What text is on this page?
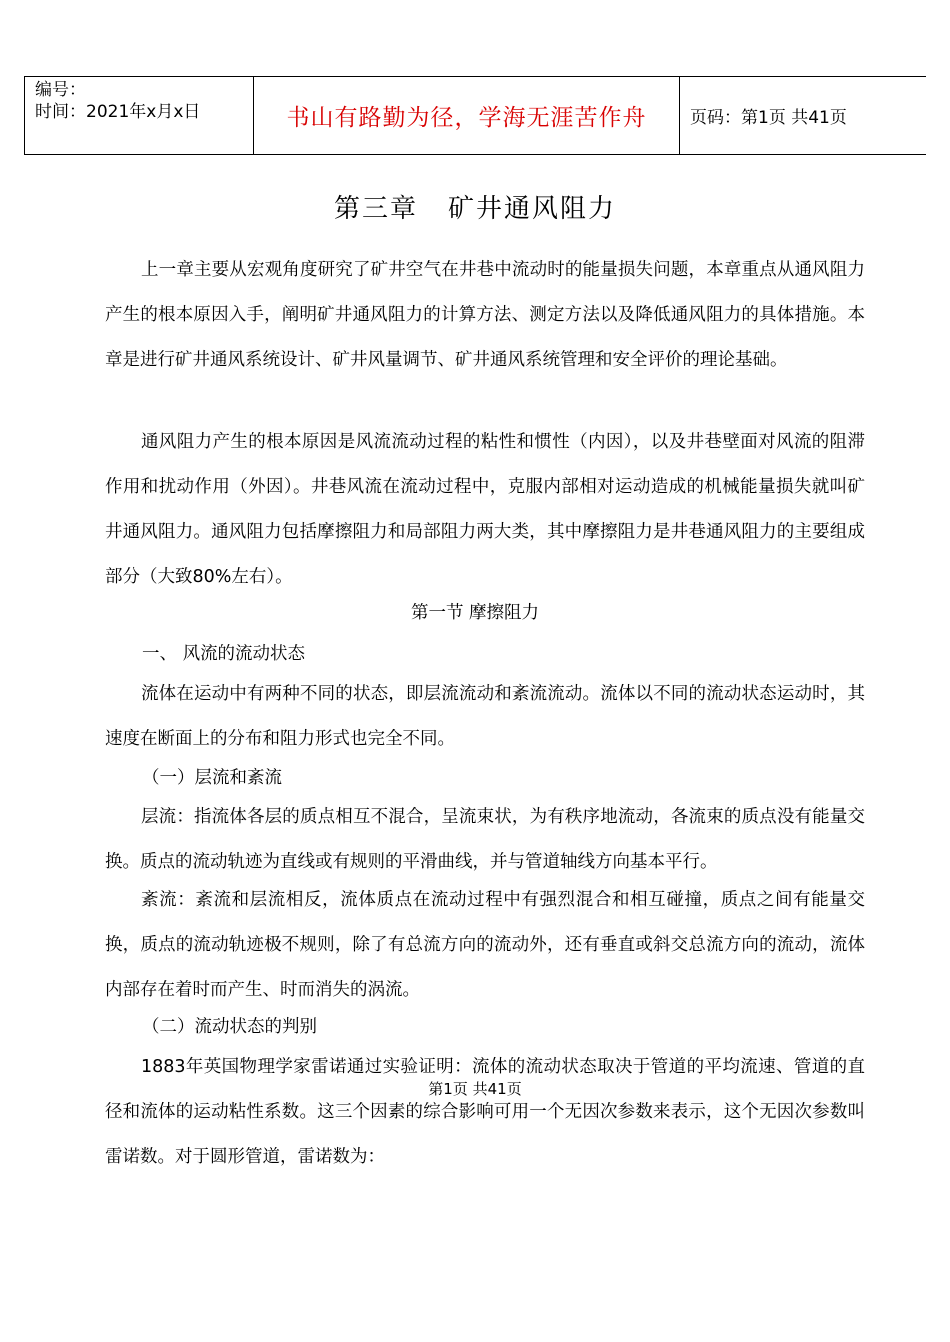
编号：
时间：2021年x月x日	书山有路勤为径，学海无涯苦作舟	页码：第1页 共41页
第三章 矿井通风阻力

上一章主要从宏观角度研究了矿井空气在井巷中流动时的能量损失问题，本章重点从通风阻力产生的根本原因入手，阐明矿井通风阻力的计算方法、测定方法以及降低通风阻力的具体措施。本章是进行矿井通风系统设计、矿井风量调节、矿井通风系统管理和安全评价的理论基础。

通风阻力产生的根本原因是风流流动过程的粘性和惯性（内因），以及井巷壁面对风流的阻滞作用和扰动作用（外因）。井巷风流在流动过程中，克服内部相对运动造成的机械能量损失就叫矿井通风阻力。通风阻力包括摩擦阻力和局部阻力两大类，其中摩擦阻力是井巷通风阻力的主要组成部分（大致80%左右）。

第一节 摩擦阻力
一、 风流的流动状态

流体在运动中有两种不同的状态，即层流流动和紊流流动。流体以不同的流动状态运动时，其速度在断面上的分布和阻力形式也完全不同。

（一）层流和紊流

层流：指流体各层的质点相互不混合，呈流束状，为有秩序地流动，各流束的质点没有能量交换。质点的流动轨迹为直线或有规则的平滑曲线，并与管道轴线方向基本平行。

紊流：紊流和层流相反，流体质点在流动过程中有强烈混合和相互碰撞，质点之间有能量交换，质点的流动轨迹极不规则，除了有总流方向的流动外，还有垂直或斜交总流方向的流动，流体内部存在着时而产生、时而消失的涡流。

（二）流动状态的判别

1883年英国物理学家雷诺通过实验证明：流体的流动状态取决于管道的平均流速、管道的直径和流体的运动粘性系数。这三个因素的综合影响可用一个无因次参数来表示，这个无因次参数叫雷诺数。对于圆形管道，雷诺数为：

第1页 共41页
